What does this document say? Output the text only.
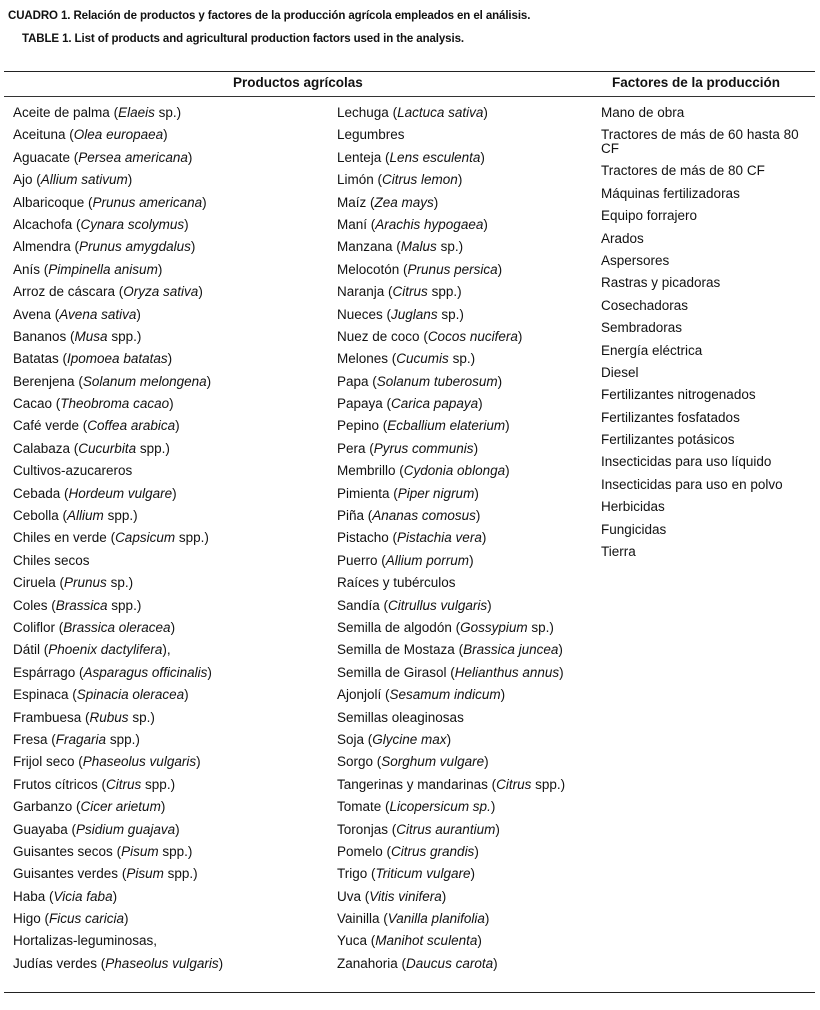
CUADRO 1. Relación de productos y factores de la producción agrícola empleados en el análisis.
TABLE 1. List of products and agricultural production factors used in the analysis.
Productos agrícolas	Factores de la producción
Aceite de palma (Elaeis sp.)
Aceituna (Olea europaea)
Aguacate (Persea americana)
Ajo (Allium sativum)
Albaricoque (Prunus americana)
Alcachofa (Cynara scolymus)
Almendra (Prunus amygdalus)
Anís (Pimpinella anisum)
Arroz de cáscara (Oryza sativa)
Avena (Avena sativa)
Bananos (Musa spp.)
Batatas (Ipomoea batatas)
Berenjena (Solanum melongena)
Cacao (Theobroma cacao)
Café verde (Coffea arabica)
Calabaza (Cucurbita spp.)
Cultivos-azucareros
Cebada (Hordeum vulgare)
Cebolla (Allium spp.)
Chiles en verde (Capsicum spp.)
Chiles secos
Ciruela (Prunus sp.)
Coles (Brassica spp.)
Coliflor (Brassica oleracea)
Dátil (Phoenix dactylifera),
Espárrago (Asparagus officinalis)
Espinaca (Spinacia oleracea)
Frambuesa (Rubus sp.)
Fresa (Fragaria spp.)
Frijol seco (Phaseolus vulgaris)
Frutos cítricos (Citrus spp.)
Garbanzo (Cicer arietum)
Guayaba (Psidium guajava)
Guisantes secos (Pisum spp.)
Guisantes verdes (Pisum spp.)
Haba (Vicia faba)
Higo (Ficus caricia)
Hortalizas-leguminosas,
Judías verdes (Phaseolus vulgaris)
Lechuga (Lactuca sativa)
Legumbres
Lenteja (Lens esculenta)
Limón (Citrus lemon)
Maíz (Zea mays)
Maní (Arachis hypogaea)
Manzana (Malus sp.)
Melocotón (Prunus persica)
Naranja (Citrus spp.)
Nueces (Juglans sp.)
Nuez de coco (Cocos nucifera)
Melones (Cucumis sp.)
Papa (Solanum tuberosum)
Papaya (Carica papaya)
Pepino (Ecballium elaterium)
Pera (Pyrus communis)
Membrillo (Cydonia oblonga)
Pimienta (Piper nigrum)
Piña (Ananas comosus)
Pistacho (Pistachia vera)
Puerro (Allium porrum)
Raíces y tubérculos
Sandía (Citrullus vulgaris)
Semilla de algodón (Gossypium sp.)
Semilla de Mostaza (Brassica juncea)
Semilla de Girasol (Helianthus annus)
Ajonjolí (Sesamum indicum)
Semillas oleaginosas
Soja (Glycine max)
Sorgo (Sorghum vulgare)
Tangerinas y mandarinas (Citrus spp.)
Tomate (Licopersicum sp.)
Toronjas (Citrus aurantium)
Pomelo (Citrus grandis)
Trigo (Triticum vulgare)
Uva (Vitis vinifera)
Vainilla (Vanilla planifolia)
Yuca (Manihot sculenta)
Zanahoria (Daucus carota)
Mano de obra
Tractores de más de 60 hasta 80 CF
Tractores de más de 80 CF
Máquinas fertilizadoras
Equipo forrajero
Arados
Aspersores
Rastras y picadoras
Cosechadoras
Sembradoras
Energía eléctrica
Diesel
Fertilizantes nitrogenados
Fertilizantes fosfatados
Fertilizantes potásicos
Insecticidas para uso líquido
Insecticidas para uso en polvo
Herbicidas
Fungicidas
Tierra
